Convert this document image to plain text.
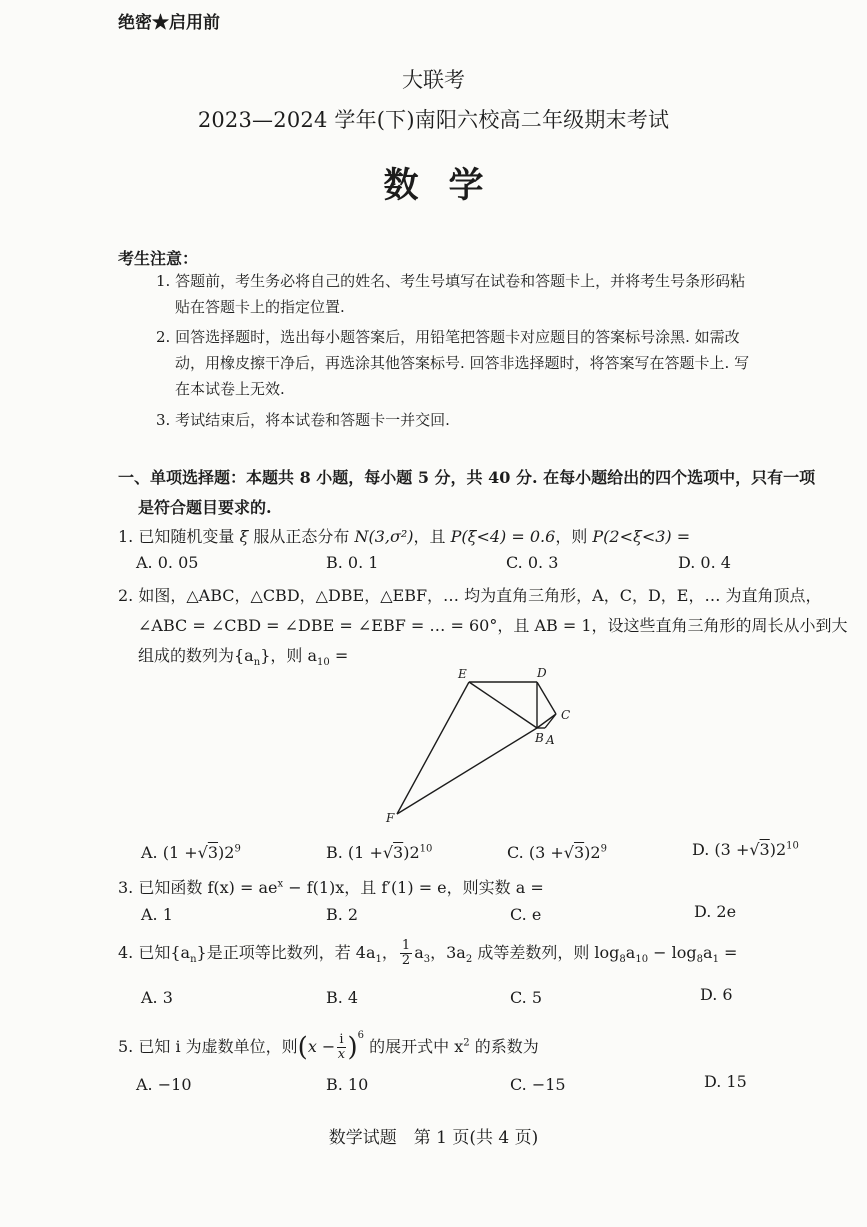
绝密★启用前
大联考
2023—2024 学年(下)南阳六校高二年级期末考试
数学
考生注意：
1. 答题前，考生务必将自己的姓名、考生号填写在试卷和答题卡上，并将考生号条形码粘
贴在答题卡上的指定位置.
2. 回答选择题时，选出每小题答案后，用铅笔把答题卡对应题目的答案标号涂黑. 如需改
动，用橡皮擦干净后，再选涂其他答案标号. 回答非选择题时，将答案写在答题卡上. 写
在本试卷上无效.
3. 考试结束后，将本试卷和答题卡一并交回.
一、单项选择题：本题共 8 小题，每小题 5 分，共 40 分. 在每小题给出的四个选项中，只有一项
是符合题目要求的.
1. 已知随机变量 ξ 服从正态分布 N(3,σ²)，且 P(ξ<4) = 0.6，则 P(2<ξ<3) =
A. 0. 05	B. 0. 1	C. 0. 3	D. 0. 4
2. 如图，△ABC，△CBD，△DBE，△EBF，… 均为直角三角形，A，C，D，E，… 为直角顶点，
∠ABC = ∠CBD = ∠DBE = ∠EBF = … = 60°，且 AB = 1，设这些直角三角形的周长从小到大
组成的数列为$\{a_n\}$，则 $a_{10}$ =
E	D
C
B A
F
A. $(1 +√3)2^9$	B. $(1 +√3)2^{10}$	C. $(3 +√3)2^9$	D. $(3 +√3)2^{10}$
3. 已知函数 $f(x) = ae^x - f(1)x$，且 f′(1) = e，则实数 a =
A. 1	B. 2	C. e	D. 2e
4. 已知$\{a_n\}$是正项等比数列，若 $4a_1$， $\frac{1}{2} a_3$，$3a_2$ 成等差数列，则 $\log_8a_{10} - \log_8a_1$ =
A. 3	B. 4	C. 5	D. 6
5. 已知 i 为虚数单位，则$(x - \frac{i}{x})^6$ 的展开式中 $x^2$ 的系数为
A. −10	B. 10	C. −15	D. 15
数学试题　第 1 页(共 4 页)
